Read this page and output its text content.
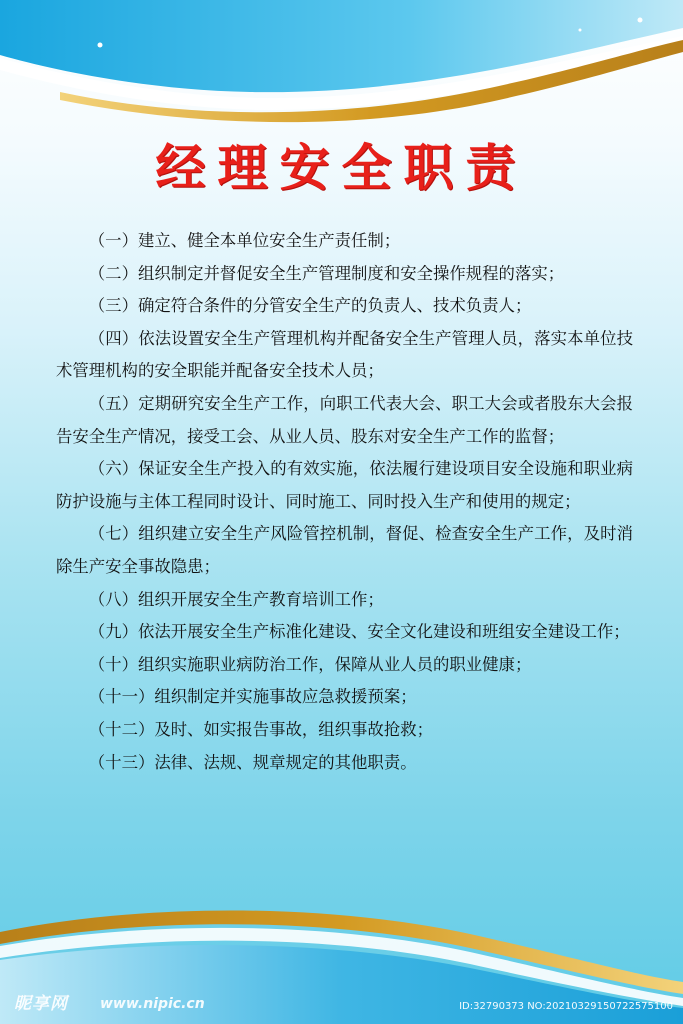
经理安全职责

（一）建立、健全本单位安全生产责任制；

（二）组织制定并督促安全生产管理制度和安全操作规程的落实；

（三）确定符合条件的分管安全生产的负责人、技术负责人；

（四）依法设置安全生产管理机构并配备安全生产管理人员，落实本单位技术管理机构的安全职能并配备安全技术人员；

（五）定期研究安全生产工作，向职工代表大会、职工大会或者股东大会报告安全生产情况，接受工会、从业人员、股东对安全生产工作的监督；

（六）保证安全生产投入的有效实施，依法履行建设项目安全设施和职业病防护设施与主体工程同时设计、同时施工、同时投入生产和使用的规定；

（七）组织建立安全生产风险管控机制，督促、检查安全生产工作，及时消除生产安全事故隐患；

（八）组织开展安全生产教育培训工作；

（九）依法开展安全生产标准化建设、安全文化建设和班组安全建设工作；

（十）组织实施职业病防治工作，保障从业人员的职业健康；

（十一）组织制定并实施事故应急救援预案；

（十二）及时、如实报告事故，组织事故抢救；

（十三）法律、法规、规章规定的其他职责。

昵享网 www.nipic.cn	ID:32790373 NO:20210329150722575100
